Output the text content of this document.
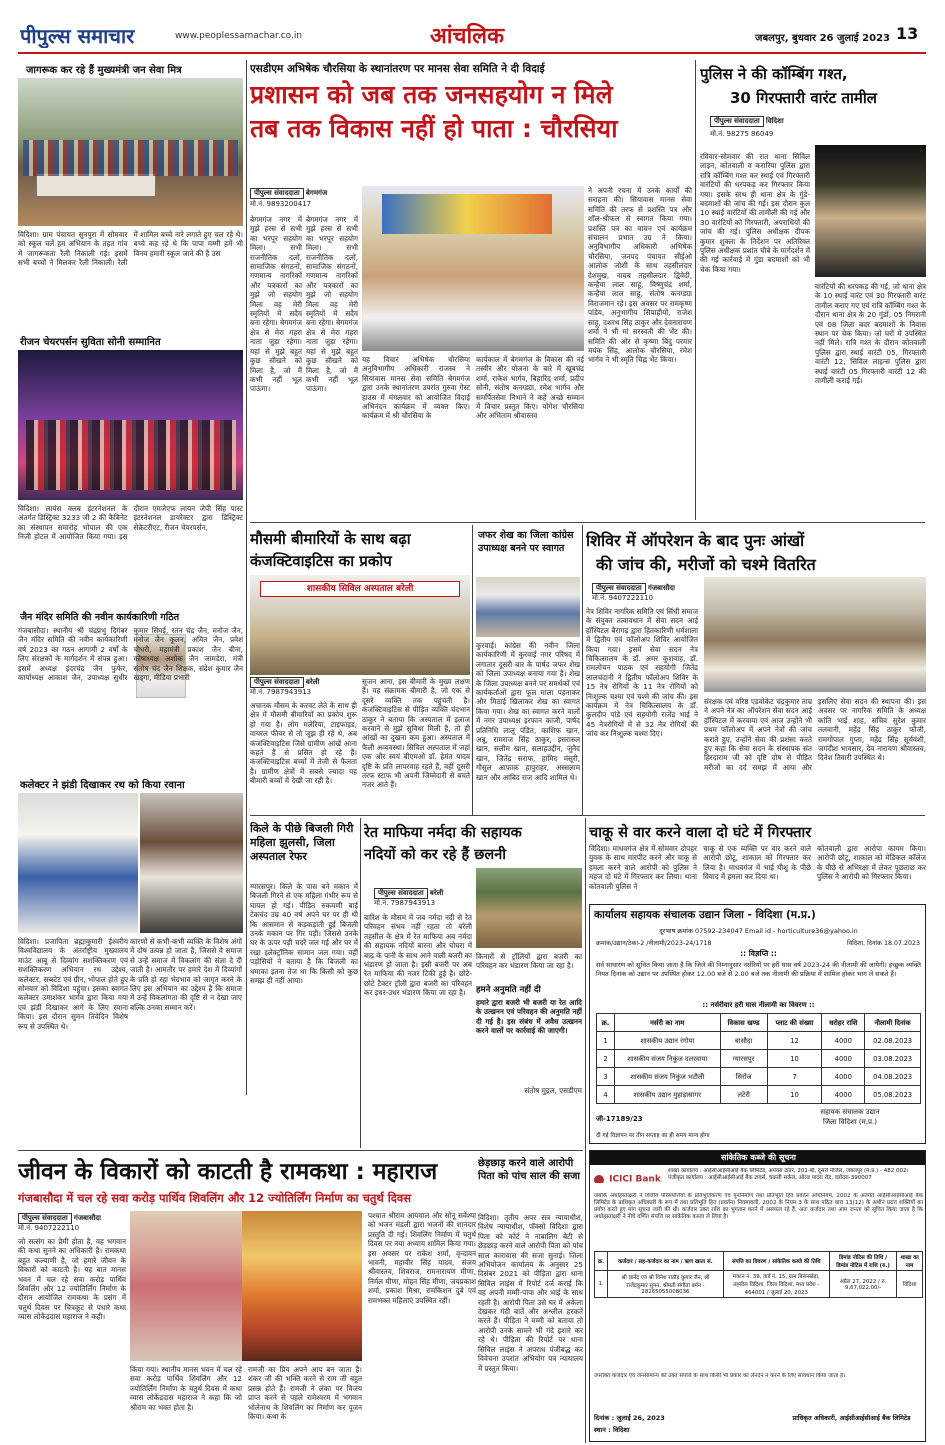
पीपुल्स समाचार	www.peoplessamachar.co.in	आंचलिक	जबलपुर, बुधवार 26 जुलाई 2023 13
जागरूक कर रहे हैं मुख्यमंत्री जन सेवा मित्र
विदिशा। ग्राम पंचायत सुनपुरा में सोमवार को स्कूल चलें हम अभियान के तहत गांव में जागरूकता रैली निकाली गई। इसमें सभी बच्चों ने मिलकर रैली निकाली। रैली में शामिल बच्चे नारे लगाते हुए चल रहे थे। बच्चे कह रहे थे कि पापा मम्मी हमें भी विनय हमारी स्कूल जाने की है उस
रीजन चेयरपर्सन सुविता सोनी सम्मानित
विदिशा। लायंस क्लब इंटरनेशनल के अंतर्गत डिस्ट्रिक्ट 3233 जी 2 की कैबिनेट का संस्थापन समारोह भोपाल की एक निजी होटल में आयोजित किया गया। इस दौरान एमजेएफ लायन जेपी सिंह पास्ट इंटरनेशनल डायरेक्टर द्वारा डिस्ट्रिक्ट सेक्रेटरीएट, रीजन चेयरपर्सन,
जैन मंदिर समिति की नवीन कार्यकारिणी गठित
गंजबासौदा। स्थानीय श्री चंद्रप्रभु दिगंबर जैन मंदिर समिति की नवीन कार्यकारिणी वर्ष 2023 का गठन आगामी 2 वर्षों के लिए संरक्षकों के मार्गदर्शन में संपन्न हुआ। इसमें अध्यक्ष इंदरचंद्र जैन फुफेर, कार्याध्यक्ष आकाश जैन, उपाध्यक्ष सुधीर कुमार सिंघई, रतन चंद्र जैन, मनोज जैन, मनोज जैन कूलन, अमित जैन, प्रवेश चौधरी, महामंत्री प्रकाश जैन बीना, कोषाध्यक्ष अशोक जैन जामडेरा, मंत्री संतोष चंद जैन शिक्षक, संदेश कुमार जैन खड्गा, मीडिया प्रभारी
कलेक्टर ने झंडी दिखाकर रथ को किया रवाना
विदिशा। प्रजापिता ब्रह्माकुमारी ईश्वरीय विश्वविद्यालय के अंतर्राष्ट्रीय मुख्यालय माउंट आबू से दिव्यांग सशक्तिकरण एवं सशक्तिकरण अभियान रथ उद्देश्य, कलेक्टर, सब्स्टेट एवं ग्रीन, भोपाल होते हुए सोमवार को विदिशा पहुंचा। इसका स्वागत कलेक्टर उमाशंकर भार्गव द्वारा किया गया एवं झंडी दिखाकर आगे के लिए रवाना किया। इस दौरान सुमन तिवेदिन विशेष रूप से उपस्थित थे।
एसडीएम अभिषेक चौरसिया के स्थानांतरण पर मानस सेवा समिति ने दी विदाई
प्रशासन को जब तक जनसहयोग न मिले
तब तक विकास नहीं हो पाता : चौरसिया
पीपुल्स संवाददाता बेगमगंज
मो.नं. 9893200417
बेगमगंज नगर में मुझे हरस से सभी का भरपूर सहयोग मिला। सभी राजनीतिक दलों, सामाजिक संगठनों, गणमान्य नागरिकों और पत्रकारों का मुझे जो सहयोग मिला वह मेरी स्मृतियों में सदैव बना रहेगा। बेगमगंज क्षेत्र से मेरा गहरा नाता जुड़ा रहेगा। यहां से मुझे बहुत कुछ सीखने को मिला है, जो मैं कभी नहीं भूल पाऊंगा।
बेगमगंज नगर में मुझे हरस से सभी का भरपूर सहयोग मिला। सभी राजनीतिक दलों, सामाजिक संगठनों, गणमान्य नागरिकों और पत्रकारों का मुझे जो सहयोग मिला वह मेरी स्मृतियों में सदैव बना रहेगा। बेगमगंज क्षेत्र से मेरा गहरा नाता जुड़ा रहेगा। यहां से मुझे बहुत कुछ सीखने को मिला है, जो मैं कभी नहीं भूल पाऊंगा।
यह विचार अभिषेक चौरसिया अनुविभागीय अधिकारी राजस्व ने सियावास मानस सेवा समिति बेगमगंज द्वारा उनके स्थानांतरण उपरांत गुरुवा गेस्ट हाउस में मंगलवार को आयोजित विदाई अभिनंदन कार्यक्रम में व्यक्त किए। कार्यक्रम में श्री चौरसिया के
कार्यकाल में बेगमगंज के विकास की नई तस्वीर और योजना के बारे में खूबचंद्र शर्मा, राकेश भार्गव, बिहारिद शर्मा, प्रदीप सोनी, संतोष कनग्ड्या, रमेश भार्गव और समर्पितसेवा निभाने ने कहे अच्छे सम्मान में विचार प्रस्तुत किए। योगेश चौरसिया और अभिताम श्रीवास्तव
ने अपनी रचना में उनके कार्यों की सराहना की। सियावास मानस सेवा समिति की तरफ से प्रशस्ति पत्र और शॉल-श्रीफल से स्वागत किया गया। प्रशस्ति पत्र का वाचन एवं कार्यक्रम संचालन प्रभात उग्र ने किया। अनुविभागीय अधिकारी अभिषेक चौरसिया, जनपद पंचायत सीईओ आलोक जोशी के साथ तहसीलदार देशमुख, नायब तहसीलदार द्विवेदी, कन्हैया लाल साहू, विष्णुचंद्र शर्मा, कन्हैया लाल साहू, संतोष कनग्ड्या विराजमान रहे। इस अवसर पर रामकृष्ण पांडेय, अनुभागीय सिपाहीयों, राजेश साहू, दशरथ सिंह ठाकुर और देवनारायण शर्मा ने भी मां सरस्वती की भेंट की। समिति की ओर से कृष्णा बिंदु परमार मयंक सिंह, आलोक चौरसिया, रमेश भार्गव ने भी स्मृति चिह्न भेंट किया।
पुलिस ने की कॉम्बिंग गश्त,
30 गिरफ्तारी वारंट तामील
पीपुल्स संवाददाता विदिशा
मो.नं. 98275 86049
रविवार-सोमवार की रात थाना सिविल लाइन, कोतवाली व करारिया पुलिस द्वारा रात्रि कॉम्बिंग गश्त कर स्थाई एवं गिरफ्तारी वारंटियों की धरपकड़ कर गिरफ्तार किया गया। इसके साथ ही थाना क्षेत्र के गुंडे-बदमाशों की जांच की गई। इस दौरान कुल 10 स्थाई वारंटियों की तामीली की गई और 30 वारंटियों को गिरफ्तारी, अपराधियों की जांच की गई। पुलिस अधीक्षक दीपक कुमार शुक्ला के निर्देशन पर अतिरिक्त पुलिस अधीक्षक प्रशांत चौबे के मार्गदर्शन में की गई कार्रवाई में गुंडा बदमाशों को भी चेक किया गया।
वारंटियों की धरपकड़ की गई, जो थाना क्षेत्र के 10 स्थाई वारंट एवं 30 गिरफ्तारी वारंट तामील कराए गए एवं रात्रि कॉम्बिंग गश्त के दौरान थाना क्षेत्र के 20 गुंडों, 05 निगरानी एवं 08 जिला बदर बदमाशों के निवास स्थान पर चेक किया। जो घरों में उपस्थित नहीं मिले। रात्रि गश्त के दौरान कोतवाली पुलिस द्वारा स्थाई वारंटी 05, गिरफ्तारी वारंटी 12, सिविल लाइन्स पुलिस द्वारा स्थाई वारंटी 05 गिरफ्तारी वारंटी 12 की तामीली कराई गई।
मौसमी बीमारियों के साथ बढ़ा
कंजक्टिवाइटिस का प्रकोप
शासकीय सिविल अस्पताल बरेली
पीपुल्स संवाददाता बरेली
मो.नं. 7987943913
अचानक मौसम के करवट लेते के साथ ही क्षेत्र में मौसमी बीमारियों का प्रकोप शुरू हो गया है। लोग मलेरिया, टाइफाइड, वायरल फीवर से तो जूझ ही रहे थे, अब कंजक्टिवाइटिस जिसे ग्रामीण आंखें आना कहते हैं से प्रसित हो रहे हैं। कंजक्टिवाइटिस बच्चों में तेजी से फैलता है। ग्रामीण क्षेत्रों में सबसे ज्यादा यह बीमारी बच्चों में देखी जा रही है।
सूजन आना, इस बीमारी के मुख्य लक्षण हैं। यह संक्रामक बीमारी है, जो एक से दूसरे व्यक्ति तक पहुंचती है। कंजक्टिवाइटिस से पीड़ित व्यक्ति चंदभान ठाकुर ने बताया कि अस्पताल में इलाज करवाने से मुझे सुविधा मिली है, तो ही आंखों का दुखना कम हुआ। अस्पताल में फैली अव्यवस्था। सिविल अस्पताल में जहां एक और स्वयं बीएमओ डॉ. हेमंत यादव दृष्टि के प्रति लापरवाह रहते हैं, वहीं दूसरी तरफ स्टाफ भी अपनी जिम्मेदारी से बचते नजर आते हैं।
जफर शेख का जिला कांग्रेस उपाध्यक्ष बनने पर स्वागत
कुरवाई। कांग्रेस की नवीन जिला कार्यकारिणी में कुरवाई नगर परिषद में लगातार दूसरी बार के पार्षद जफर शेख को जिला उपाध्यक्ष बनाया गया है। शेख के जिला उपाध्यक्ष बनने पर समर्थकों एवं कार्यकर्ताओं द्वारा फूल माला पहनाकर और मिठाई खिलाकर शेख का स्वागत किया गया। शेख का स्वागत करने वालों में नगर उपाध्यक्ष इरफान काजी, पार्षद प्रतिनिधि लालू पंडित, काशिफ खान, अन्नू, रामराज सिंह ठाकुर, इसरारुल खान, सलीम खान, सलाहउद्दीन, जुनैद खान, जितेंद्र सराफ, हामिद मंसूरी, गौसुल आफ़ाक़ हापुराहर, अस्सलाम खान और आबिद राज आदि शामिल थे।
शिविर में ऑपरेशन के बाद पुनः आंखों
की जांच की, मरीजों को चश्मे वितरित
पीपुल्स संवाददाता गंजबासौदा
मो.नं. 9407222110
नेत्र शिविर नागरिक समिति एवं सिंधी समाज के संयुक्त तत्वावधान में सेवा सदन आई हॉस्पिटल बैरागढ़ द्वारा हितकारिणी धर्मशाला में द्वितीय एवं फॉलोअप शिविर आयोजित किया गया। इसमें सेवा सदन नेत्र चिकित्सालय के डॉ. अमर कुशवाह, डॉ. रामलोचन पाठक एवं सहयोगी जितेंद्र लालचंदानी ने द्वितीय फॉलोअप शिविर के 15 नेत्र रोगियों के 11 नेत्र रोगियों को निःशुल्क चश्मा एवं चश्मे की जांच की। इस कार्यक्रम में नेत्र चिकित्सालय के डॉ. कुलदीप पांडे एवं सहयोगी राजेंद्र भाई ने 45 नेत्ररोगियों में से 32 नेत्र रोगियों की जांच कर निःशुल्क चश्मा दिए।
संरक्षक एवं वरिष्ठ एडवोकेट चंद्रकुमार ताम्र ने अपने नेत्र का ऑपरेशन सेवा सदन आई हॉस्पिटल में करवाया एवं आज उन्होंने भी प्रथम फॉलोअप में अपने नेत्रों की जांच कराते हुए, उन्होंने सेवा की प्रशंसा करते हुए कहा कि सेवा सदन के संस्थापक संत हिरदाराम जी को दृष्टि दोष से पीड़ित मरीजों का दर्द समझ में आया और इसलिए सेवा सदन की स्थापना की। इस अवसर पर नागरिक समिति के अध्यक्ष कांति भाई शाह, सचिव सुरेश कुमार तलवानी, महेंद्र सिंह ठाकुर फौजी, रामगोपाल गुप्ता, महेंद्र सिंह सूर्यवंशी, जगदीश भावसार, देव नारायण श्रीवास्तव, दिनेश तिवारी उपस्थित थे।
किले के पीछे बिजली गिरी महिला झुलसी, जिला अस्पताल रेफर
ग्यारसपुर। किले के पास बने मकान में बिजली गिरने से एक महिला गंभीर रूप से घायल हो गई। पीड़ित रुकमणी बाई टेकचंद उम्र 40 वर्ष अपने घर पर ही थी कि आसमान से कड़कड़ाती हुई बिजली उनके मकान पर गिर पड़ी। जिससे उनके घर के ऊपर पड़ी चदरें जल गई और घर में रखा इलेक्ट्रॉनिक सामान जल गया। वहीं पड़ोसियों ने बताया है कि बिजली का धमाका इतना तेज था कि किसी को कुछ समझ ही नहीं आया।
कारणों से कभी-कभी व्यक्ति के विशेष अंगों में दोष उत्पन्न हो जाता है, जिससे वे समाज से उन्हें समाज में विकलांग की संज्ञा दे दी जाती है। आमतौर पर हमारे देश में दिव्यांगों के प्रति हो रहा भेदभाव को जागृत करने के लिए इस अभियान का उद्देश्य है कि समाज में उन्हें विकलांगता की दृष्टि से न देखा जाए बल्कि उनका सम्मान करें।
रेत माफिया नर्मदा की सहायक
नदियों को कर रहे हैं छलनी
पीपुल्स संवाददाता बरेली
मो.नं. 7987943913
बारिश के मौसम में जब नर्मदा नदी से रेत परिवहन संभव नहीं रहता तो बरेली तहसील के क्षेत्र में रेत माफिया अब नर्मदा की सहायक नदियों बारना और घोघरा में बाढ़ के पानी के साथ आने वाली बजरी का भंडारण हो जाता है। इसी बजरी पर अब रेत माफिया की नजर टिकी हुई है। छोटे-छोटे टैक्टर ट्रॉली द्वारा बजरी का परिवहन कर इधर-उधर भंडारण किया जा रहा है।
किनारों से ट्रॉलियों द्वारा बजरी का परिवहन कर भंडारण किया जा रहा है।
हमने अनुमति नहीं दी
हमारे द्वारा बजरी भी बजरी या रेत आदि के उत्खनन एवं परिवहन की अनुमति नहीं दी गई है। इस संबंध में अवैध उत्खनन करने वालों पर कार्रवाई की जाएगी।
संतोष मुद्गल, एसडीएम
चाकू से वार करने वाला दो घंटे में गिरफ्तार
विदिशा। माधवगंज क्षेत्र में सोमवार दोपहर युवक के साथ मारपीट करने और चाकू से हमला करने वाले आरोपी को पुलिस ने महज दो घंटे में गिरफ्तार कर लिया। थाना कोतवाली पुलिस ने
चाकू से एक व्यक्ति पर वार करने वाले आरोपी छोटू, शाकाल को गिरफ्तार कर लिया है। माधवगंज में भाई यीशु के पीछे विवाद में हमला कर दिया था।
कोतवाली द्वारा आरोपा कायम किया। आरोपी छोटू, शाकाल को मेडिकल कॉलेज के पीछे से अभिरक्षा में लेकर पूछताछ कर पुलिस ने आरोपी को गिरफ्तार किया।
कार्यालय सहायक संचालक उद्यान जिला - विदिशा (म.प्र.)
दूरभाष क्रमांक 07592-234047 Email id - horticulture36@yahoo.in
क्रमांक/उद्यान/ठेका-2 /नीलामी/2023-24/1718	विदिशा, दिनांक 18.07.2023
:: विज्ञप्ति ::
सर्व साधारण को सूचित किया जाता है कि जिले की निम्नानुसार नर्सरियों पर हरी घास वर्ष 2023-24 की नीलामी की जायेगी। इच्छुक व्यक्ति नियत दिनांक को उद्यान पर उपस्थित होकर 12.00 बजे से 2.00 बजे तक नीलामी की प्रक्रिया में शामिल होकर भाग ले सकते हैं।
:: नर्सरीवार हरी घास नीलामी का विवरण ::
क्र.	नर्सरी का नाम	विकास खण्ड	प्लाट की संख्या	धरोहर राशि	नीलामी दिनांक
1	शासकीय उद्यान रंगोया	बासौदा	12	4000	02.08.2023
2	शासकीय संजय निकुंज दलरवाया	ग्यारसपुर	10	4000	03.08.2023
3	शासकीय संजय निकुंज भटौली	सिरोंज	7	4000	04.08.2023
4	शासकीय उद्यान मुहाड़ासागर	लटेरी	10	4000	05.08.2023
जी-17189/23
सहायक संचालक उद्यान
जिला विदिशा (म.प्र.)
दी गई विज्ञापन पर तीन सप्ताह का ही समय मान्य होगा
जीवन के विकारों को काटती है रामकथा : महाराज
गंजबासौदा में चल रहे सवा करोड़ पार्थिव शिवलिंग और 12 ज्योतिर्लिंग निर्माण का चतुर्थ दिवस
पीपुल्स संवाददाता गंजबासौदा
मो.नं. 9407222110
जो सत्संग का प्रेमी होता है, वह भगवान की कथा सुनने का अधिकारी है। रामकथा बहुत कल्याणी है, जो हमारे जीवन के विकारों को काटती है। यह बात मानस भवन में चल रहे सवा करोड़ पार्थिव शिवलिंग और 12 ज्योतिर्लिंग निर्माण के दौरान आयोजित रामकथा के प्रसंग में चतुर्थ दिवस पर चित्रकूट से पधारे कथा व्यास लोकेंद्रदास महाराज ने कही।
किया गया। स्थानीय मानस भवन में चल रहे सवा करोड़ पार्थिव शिवलिंग और 12 ज्योतिर्लिंग निर्माण के चतुर्थ दिवस में कथा व्यास लोकेंद्रदास महाराज ने कहा कि जो श्रीराम का भक्त होता है।
रामजी का प्रिय अपने आप बन जाता है। शंकर जी की भक्ति करने से राम जी बहुत प्रसन्न होते हैं। रामजी ने लंका पर विजय प्राप्त करने से पहले रामेश्वरम में भगवान भोलेनाथ के शिवलिंग का निर्माण कर पूजन किया। कथा के
पश्चात श्रीराम आयवाल और सोनू सर्वेश्या को भजन मंडली द्वारा भजनों की शानदार प्रस्तुति दी गई। शिवलिंग निर्माण में चतुर्थ दिवस पर नया अध्याय शामिल किया गया। इस अवसर पर राकेश शर्मा, वृन्दावन भावनी, महावीर सिंह यादव, संजय श्रीवास्तव, शिवराज, रामनारायण मीणा, निर्मल मीणा, मोहन सिंह मीणा, जयप्रकाश शर्मा, प्रकाश मिश्रा, रामकिशन दुबे एवं रामभक्त महिलाएं उपस्थित रहीं।
छेड़छाड़ करने वाले आरोपी पिता को पांच साल की सजा
विदिशा। तृतीय अपर सत्र न्यायाधीश, विशेष न्यायाधीश, पॉक्सो विदिशा द्वारा पिता को कोर्ट ने नाबालिग बेटी से छेड़छाड़ करने वाले आरोपी पिता को पांच साल कारावास की सजा सुनाई। जिला अभियोजन कार्यालय के अनुसार 25 दिसंबर 2021 को पीड़िता द्वारा थाना सिविल लाइंस में रिपोर्ट दर्ज कराई कि वह अपनी मम्मी-पापा और भाई के साथ रहती है। आरोपी पिता उसे घर में अकेला देखकर गंदी बातें और अश्लील हरकतें करते हैं। पीड़िता ने मम्मी को बताया तो आरोपी उनके सामने भी गंदे इशारे कर रहे थे। पीड़िता की रिपोर्ट पर थाना सिविल लाइंस ने अपराध पंजीबद्ध कर विवेचना उपरांत अभियोग पत्र न्यायालय में प्रस्तुत किया।
सांकेतिक कब्जे की सूचना
ICICI Bank
शाखा कार्यालय : आईसीआईसीआई बैंक लिमिटेड, अपेक्स टावर, 201-बी, दूसरी मंजिल, जबलपुर (म.प्र.) - 482 002। पंजीकृत कार्यालय : आईसीआईसीआई बैंक टावर्स, चकली सर्कल, ओल्ड पादरा रोड, वडोदरा-390007
जबकि अधोहस्ताक्षरी ने वित्तीय परिसंपत्तियों के प्रतिभूतिकरण एवं पुनर्निर्माण तथा प्रतिभूति हित प्रवर्तन अधिनियम, 2002 के अंतर्गत आईसीआईसीआई बैंक लिमिटेड के प्राधिकृत अधिकारी के रूप में तथा प्रतिभूति हित (प्रवर्तन) नियमावली, 2002 के नियम 3 के साथ पठित धारा 13(12) के अधीन प्रदत्त शक्तियों का प्रयोग करते हुए मांग सूचना जारी की थी। कर्जदार उक्त राशि का भुगतान करने में असफल रहे हैं, अतः कर्जदार तथा आम जनता को सूचित किया जाता है कि अधोहस्ताक्षरी ने नीचे वर्णित संपत्ति पर सांकेतिक कब्जा ले लिया है।
क्र.	कर्जदार / सह-कर्जदार का नाम / ऋण खाता सं.	संपत्ति का विवरण / सांकेतिक कब्जे की तिथि	डिमांड नोटिस की तिथि / डिमांड नोटिस में राशि (रु.)	शाखा का नाम
1.	श्री ज्ञानेंद्र एवं श्री विनेश राठौड़ कुमार जैन, श्री राजेंद्रकुमार सुमन, श्रीमती संगीता बर्मन - 28265055008036	मकान नं. 39, वार्ड नं. 15, ग्राम बिसनखेड़ा, तहसील विदिशा, जिला विदिशा, मध्य प्रदेश - 464001 / जुलाई 20, 2023	अप्रैल 27, 2022 / रु. 9,67,022.00/-	विदिशा
उपरोक्त कर्जदार एवं जनसामान्य को उक्त संपत्ति के साथ किसी भी प्रकार का लेनदेन न करने के लिए सावधान किया जाता है।
दिनांक : जुलाई 26, 2023
स्थान : विदिशा
प्राधिकृत अधिकारी, आईसीआईसीआई बैंक लिमिटेड
